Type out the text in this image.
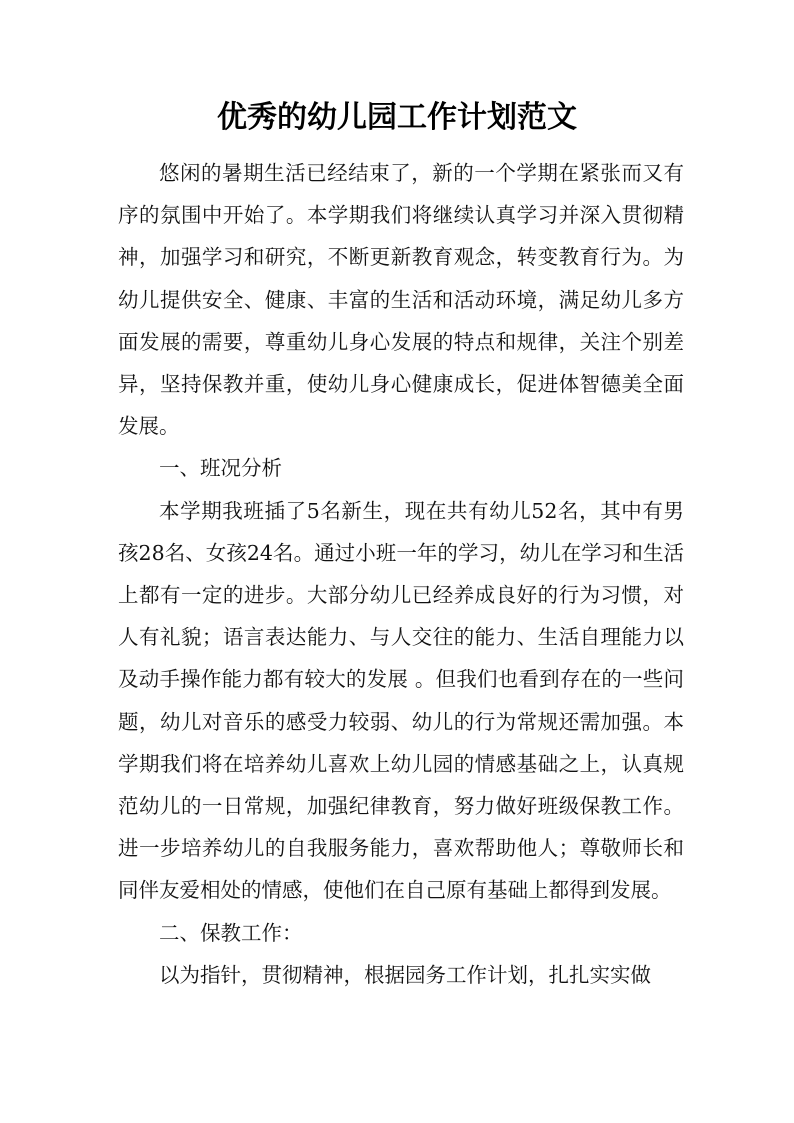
优秀的幼儿园工作计划范文

悠闲的暑期生活已经结束了，新的一个学期在紧张而又有序的氛围中开始了。本学期我们将继续认真学习并深入贯彻精神，加强学习和研究，不断更新教育观念，转变教育行为。为幼儿提供安全、健康、丰富的生活和活动环境，满足幼儿多方面发展的需要，尊重幼儿身心发展的特点和规律，关注个别差异，坚持保教并重，使幼儿身心健康成长，促进体智德美全面发展。

一、班况分析

本学期我班插了5名新生，现在共有幼儿52名，其中有男孩28名、女孩24名。通过小班一年的学习，幼儿在学习和生活上都有一定的进步。大部分幼儿已经养成良好的行为习惯，对人有礼貌；语言表达能力、与人交往的能力、生活自理能力以及动手操作能力都有较大的发展 。但我们也看到存在的一些问题，幼儿对音乐的感受力较弱、幼儿的行为常规还需加强。本学期我们将在培养幼儿喜欢上幼儿园的情感基础之上，认真规范幼儿的一日常规，加强纪律教育，努力做好班级保教工作。进一步培养幼儿的自我服务能力，喜欢帮助他人；尊敬师长和同伴友爱相处的情感，使他们在自己原有基础上都得到发展。

二、保教工作：

以为指针，贯彻精神，根据园务工作计划，扎扎实实做
